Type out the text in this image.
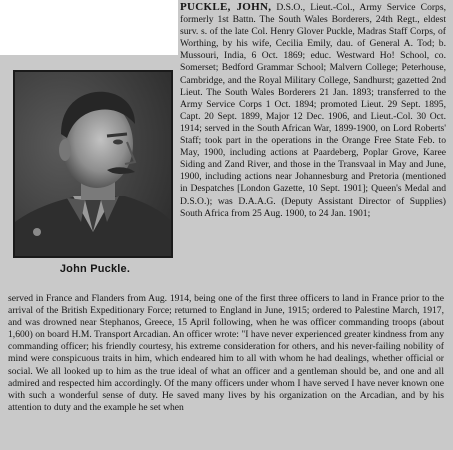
John Puckle.

PUCKLE, JOHN, D.S.O., Lieut.-Col., Army Service Corps, formerly 1st Battn. The South Wales Borderers, 24th Regt., eldest surv. s. of the late Col. Henry Glover Puckle, Madras Staff Corps, of Worthing, by his wife, Cecilia Emily, dau. of General A. Tod; b. Mussouri, India, 6 Oct. 1869; educ. Westward Ho! School, co. Somerset; Bedford Grammar School; Malvern College; Peterhouse, Cambridge, and the Royal Military College, Sandhurst; gazetted 2nd Lieut. The South Wales Borderers 21 Jan. 1893; transferred to the Army Service Corps 1 Oct. 1894; promoted Lieut. 29 Sept. 1895, Capt. 20 Sept. 1899, Major 12 Dec. 1906, and Lieut.-Col. 30 Oct. 1914; served in the South African War, 1899-1900, on Lord Roberts' Staff; took part in the operations in the Orange Free State Feb. to May, 1900, including actions at Paardeberg, Poplar Grove, Karee Siding and Zand River, and those in the Transvaal in May and June, 1900, including actions near Johannesburg and Pretoria (mentioned in Despatches [London Gazette, 10 Sept. 1901]; Queen's Medal and D.S.O.); was D.A.A.G. (Deputy Assistant Director of Supplies) South Africa from 25 Aug. 1900, to 24 Jan. 1901;

served in France and Flanders from Aug. 1914, being one of the first three officers to land in France prior to the arrival of the British Expeditionary Force; returned to England in June, 1915; ordered to Palestine March, 1917, and was drowned near Stephanos, Greece, 15 April following, when he was officer commanding troops (about 1,600) on board H.M. Transport Arcadian. An officer wrote: "I have never experienced greater kindness from any commanding officer; his friendly courtesy, his extreme consideration for others, and his never-failing nobility of mind were conspicuous traits in him, which endeared him to all with whom he had dealings, whether official or social. We all looked up to him as the true ideal of what an officer and a gentleman should be, and one and all admired and respected him accordingly. Of the many officers under whom I have served I have never known one with such a wonderful sense of duty. He saved many lives by his organization on the Arcadian, and by his attention to duty and the example he set when
